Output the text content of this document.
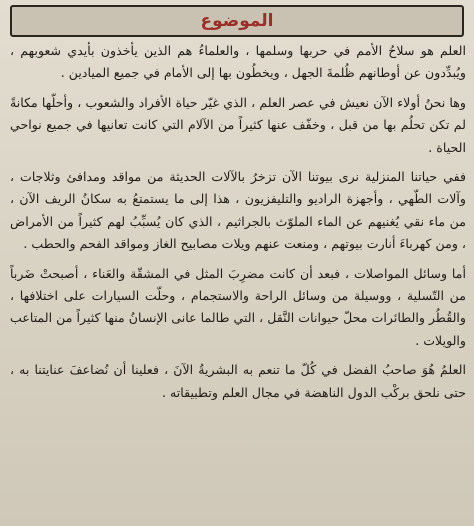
الموضوع

العلم هو سلاحُ الأمم في حربها وسلمها ، والعلماءُ هم الذين يأخذون بأيدي شعوبهم ، ويُبدِّدون عن أوطانهم ظُلمةَ الجهل ، ويخطُون بها إلى الأمام في جميع الميادين .

وها نحنُ أولاء الآن نعيش في عصر العلم ، الذي غيّر حياة الأفراد والشعوب ، وأحلّها مكانةً لم تكن تحلُم بها من قبل ، وخفّف عنها كثيراً من الآلام التي كانت تعانيها في جميع نواحي الحياة .

ففي حياتنا المنزلية نرى بيوتنا الآن تزخرُ بالآلات الحديثة من مواقد ومدافئ وثلاجات ، وآلات الطّهي ، وأجهزة الراديو والتليفزيون ، هذا إلى ما يستمتعُ به سكانُ الريف الآن ، من ماء نقي يُغنيهم عن الماء الملوّث بالجراثيم ، الذي كان يُسبِّبُ لهم كثيراً من الأمراض ، ومن كهرباءَ أنارت بيوتهم ، ومنعت عنهم ويلات مصابيح الغاز ومواقد الفحم والحطب .

أما وسائل المواصلات ، فبعد أن كانت مضرِبَ المثل في المشقّة والعَناء ، أصبحتْ ضَرباً من التّسلية ، ووسيلة من وسائل الراحة والاستجمام ، وحلّت السيارات على اختلافها ، والقُطُر والطائرات محلّ حيوانات النَّقل ، التي طالما عانى الإنسانُ منها كثيراً من المتاعب والويلات .

العلمُ هُوَ صاحبُ الفضل في كُلّ ما تنعم به البشريةُ الآنَ ، فعلينا أن نُضاعفَ عنايتنا به ، حتى نلحق بركْب الدول الناهضة في مجال العلم وتطبيقاته .
